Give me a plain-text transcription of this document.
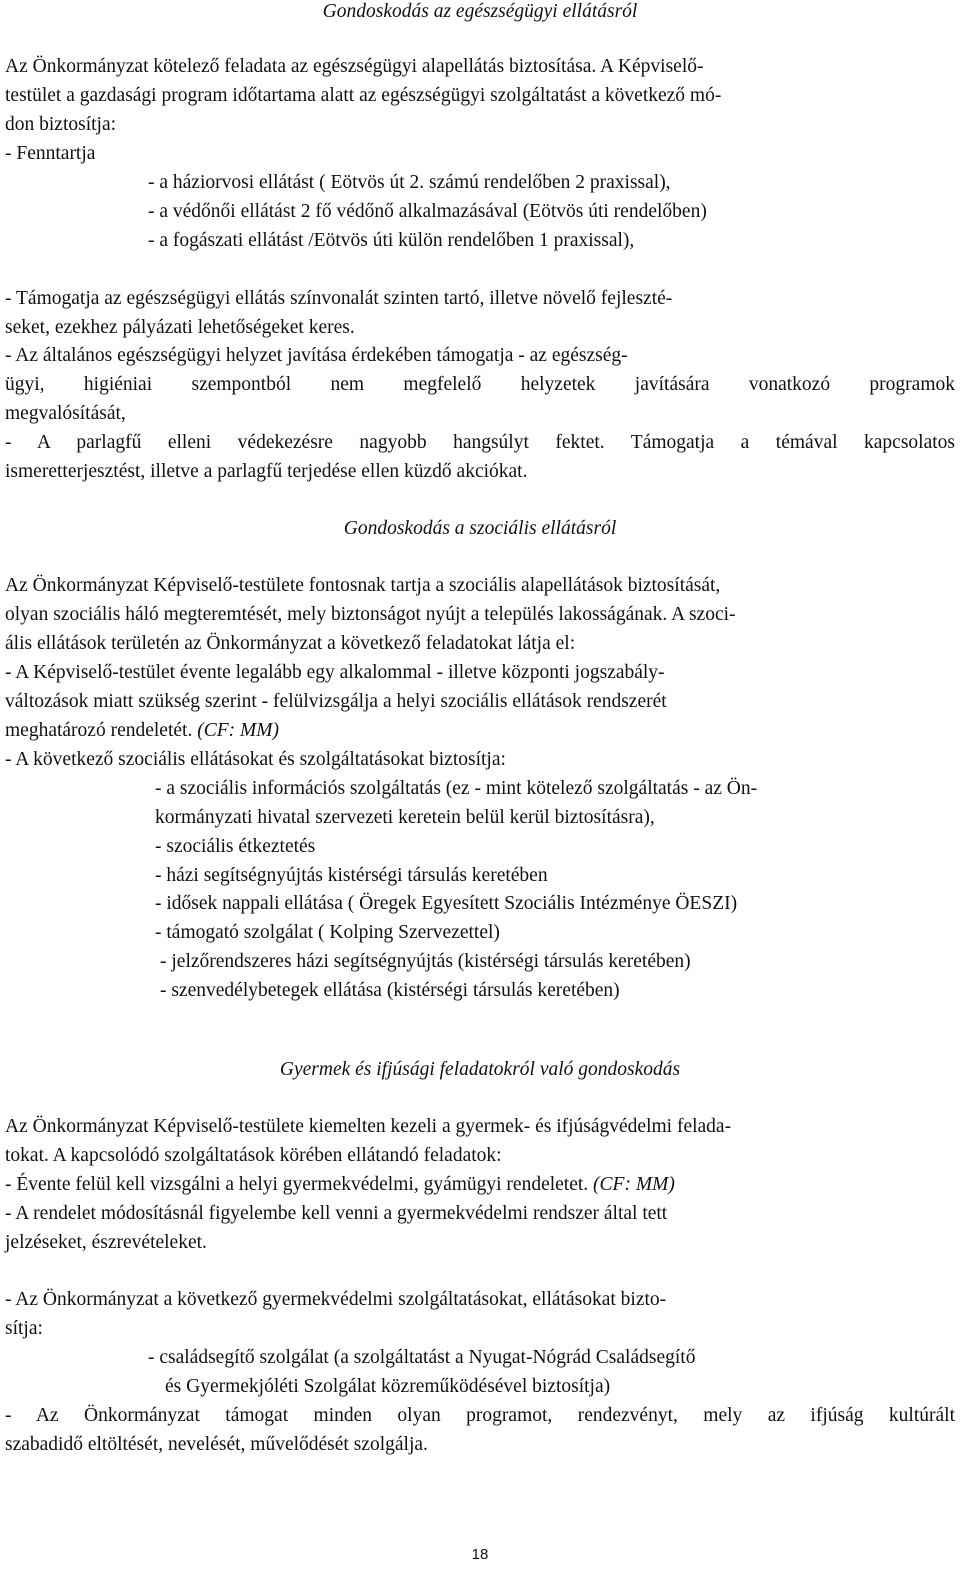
Gondoskodás az egészségügyi ellátásról
Az Önkormányzat kötelező feladata az egészségügyi alapellátás biztosítása. A Képviselő-
testület a gazdasági program időtartama alatt az egészségügyi szolgáltatást a következő mó-
don biztosítja:
- Fenntartja
- a háziorvosi ellátást ( Eötvös út 2. számú rendelőben 2 praxissal),
- a védőnői ellátást 2 fő védőnő alkalmazásával (Eötvös úti rendelőben)
- a fogászati ellátást /Eötvös úti külön rendelőben 1 praxissal),
- Támogatja az egészségügyi ellátás színvonalát szinten tartó, illetve növelő fejleszté-
seket, ezekhez pályázati lehetőségeket keres.
- Az általános egészségügyi helyzet javítása érdekében támogatja - az egészség-
ügyi, higiéniai szempontból nem megfelelő helyzetek javítására vonatkozó programok
megvalósítását,
- A parlagfű elleni védekezésre nagyobb hangsúlyt fektet. Támogatja a témával kapcsolatos
ismeretterjesztést, illetve a parlagfű terjedése ellen küzdő akciókat.
Gondoskodás a szociális ellátásról
Az Önkormányzat Képviselő-testülete fontosnak tartja a szociális alapellátások biztosítását,
olyan szociális háló megteremtését, mely biztonságot nyújt a település lakosságának. A szoci-
ális ellátások területén az Önkormányzat a következő feladatokat látja el:
- A Képviselő-testület évente legalább egy alkalommal - illetve központi jogszabály-
változások miatt szükség szerint - felülvizsgálja a helyi szociális ellátások rendszerét
meghatározó rendeletét. (CF: MM)
- A következő szociális ellátásokat és szolgáltatásokat biztosítja:
- a szociális információs szolgáltatás (ez - mint kötelező szolgáltatás - az Ön-
kormányzati hivatal szervezeti keretein belül kerül biztosításra),
- szociális étkeztetés
- házi segítségnyújtás kistérségi társulás keretében
- idősek nappali ellátása ( Öregek Egyesített Szociális Intézménye ÖESZI)
- támogató szolgálat ( Kolping Szervezettel)
- jelzőrendszeres házi segítségnyújtás (kistérségi társulás keretében)
- szenvedélybetegek ellátása (kistérségi társulás keretében)
Gyermek és ifjúsági feladatokról való gondoskodás
Az Önkormányzat Képviselő-testülete kiemelten kezeli a gyermek- és ifjúságvédelmi felada-
tokat. A kapcsolódó szolgáltatások körében ellátandó feladatok:
- Évente felül kell vizsgálni a helyi gyermekvédelmi, gyámügyi rendeletet. (CF: MM)
- A rendelet módosításnál figyelembe kell venni a gyermekvédelmi rendszer által tett
jelzéseket, észrevételeket.
- Az Önkormányzat a következő gyermekvédelmi szolgáltatásokat, ellátásokat bizto-
sítja:
- családsegítő szolgálat (a szolgáltatást a Nyugat-Nógrád Családsegítő
és Gyermekjóléti Szolgálat közreműködésével biztosítja)
- Az Önkormányzat támogat minden olyan programot, rendezvényt, mely az ifjúság kultúrált
szabadidő eltöltését, nevelését, művelődését szolgálja.
18
